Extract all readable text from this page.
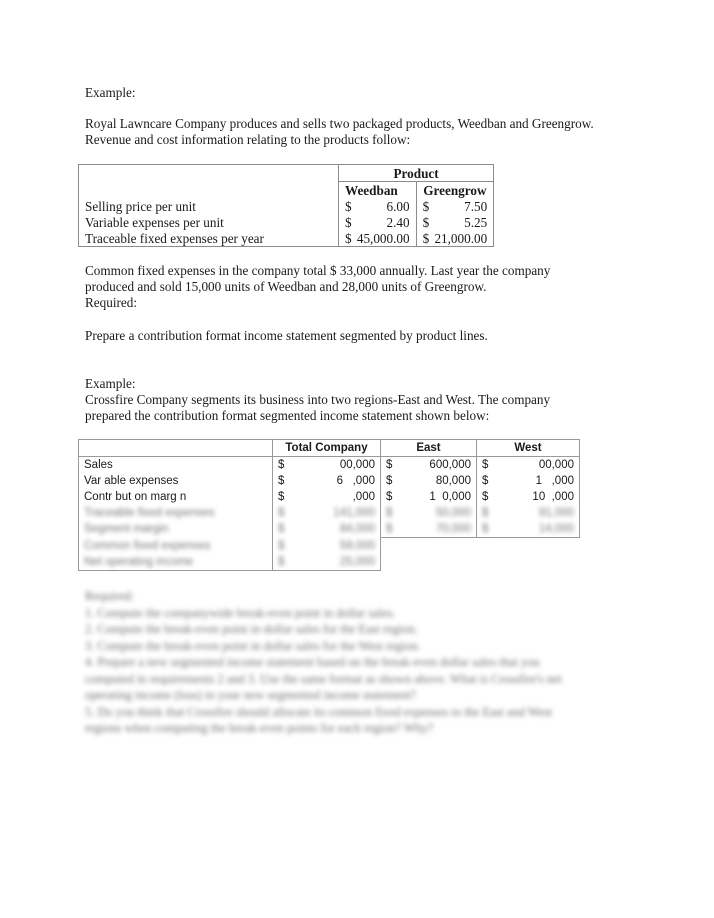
Example:

Royal Lawncare Company produces and sells two packaged products, Weedban and Greengrow.

Revenue and cost information relating to the products follow:

	Product			
	Weedban		Greengrow	
Selling price per unit	$	6.00	$	7.50
Variable expenses per unit	$	2.40	$	5.25
Traceable fixed expenses per year	$	45,000.00	$	21,000.00

Common fixed expenses in the company total $ 33,000 annually. Last year the company

produced and sold 15,000 units of Weedban and 28,000 units of Greengrow.

Required:

Prepare a contribution format income statement segmented by product lines.

Example:

Crossfire Company segments its business into two regions-East and West. The company

prepared the contribution format segmented income statement shown below:

	Total Company		East		West	
Sales	$	00,000	$	600,000	$	00,000
Var able expenses	$	6   ,000	$	80,000	$	1   ,000
Contr but on marg n	$	,000	$	1  0,000	$	10  ,000
Traceable fixed expenses	$	141,000	$	50,000	$	91,000
Segment margin	$	84,000	$	70,000	$	14,000
Common fixed expenses	$	59,000				
Net operating income	$	25,000				
Required:
1. Compute the companywide break-even point in dollar sales.
2. Compute the break-even point in dollar sales for the East region.
3. Compute the break-even point in dollar sales for the West region.
4. Prepare a new segmented income statement based on the break-even dollar sales that you
computed in requirements 2 and 3. Use the same format as shown above. What is Crossfire's net
operating income (loss) in your new segmented income statement?
5. Do you think that Crossfire should allocate its common fixed expenses to the East and West
regions when computing the break-even points for each region? Why?
